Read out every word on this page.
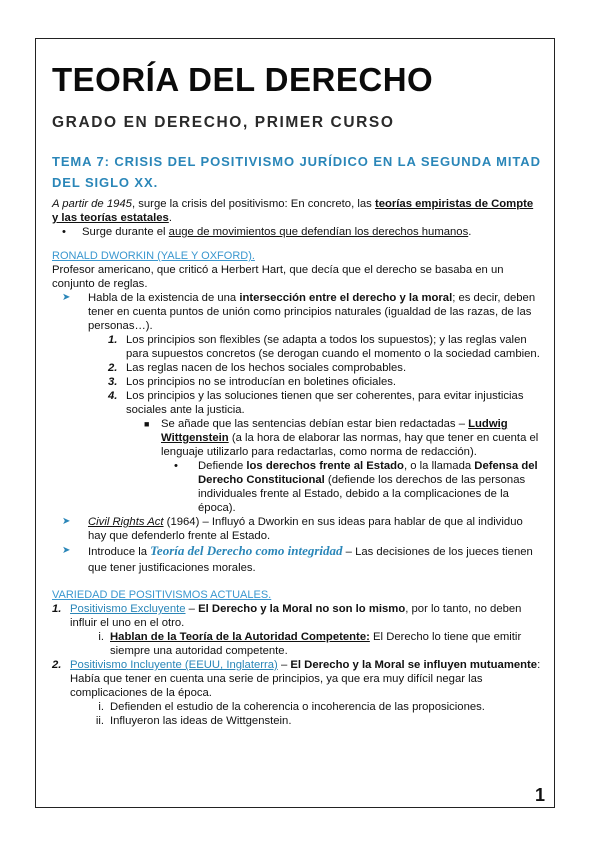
TEORÍA DEL DERECHO
GRADO EN DERECHO, PRIMER CURSO
TEMA 7: CRISIS DEL POSITIVISMO JURÍDICO EN LA SEGUNDA MITAD DEL SIGLO XX.

A partir de 1945, surge la crisis del positivismo: En concreto, las teorías empiristas de Compte y las teorías estatales.

• Surge durante el auge de movimientos que defendían los derechos humanos.
RONALD DWORKIN (YALE Y OXFORD).

Profesor americano, que criticó a Herbert Hart, que decía que el derecho se basaba en un conjunto de reglas.

➤ Habla de la existencia de una intersección entre el derecho y la moral; es decir, deben tener en cuenta puntos de unión como principios naturales (igualdad de las razas, de las personas…).
1. Los principios son flexibles (se adapta a todos los supuestos); y las reglas valen para supuestos concretos (se derogan cuando el momento o la sociedad cambien.
2. Las reglas nacen de los hechos sociales comprobables.
3. Los principios no se introducían en boletines oficiales.
4. Los principios y las soluciones tienen que ser coherentes, para evitar injusticias sociales ante la justicia.
■ Se añade que las sentencias debían estar bien redactadas – Ludwig Wittgenstein (a la hora de elaborar las normas, hay que tener en cuenta el lenguaje utilizarlo para redactarlas, como norma de redacción).
• Defiende los derechos frente al Estado, o la llamada Defensa del Derecho Constitucional (defiende los derechos de las personas individuales frente al Estado, debido a la complicaciones de la época).
➤ Civil Rights Act (1964) – Influyó a Dworkin en sus ideas para hablar de que al individuo hay que defenderlo frente al Estado.
➤ Introduce la Teoría del Derecho como integridad – Las decisiones de los jueces tienen que tener justificaciones morales.
VARIEDAD DE POSITIVISMOS ACTUALES.
1. Positivismo Excluyente – El Derecho y la Moral no son lo mismo, por lo tanto, no deben influir el uno en el otro.
i. Hablan de la Teoría de la Autoridad Competente: El Derecho lo tiene que emitir siempre una autoridad competente.
2. Positivismo Incluyente (EEUU, Inglaterra) – El Derecho y la Moral se influyen mutuamente: Había que tener en cuenta una serie de principios, ya que era muy difícil negar las complicaciones de la época.
i. Defienden el estudio de la coherencia o incoherencia de las proposiciones.
ii. Influyeron las ideas de Wittgenstein.
1
